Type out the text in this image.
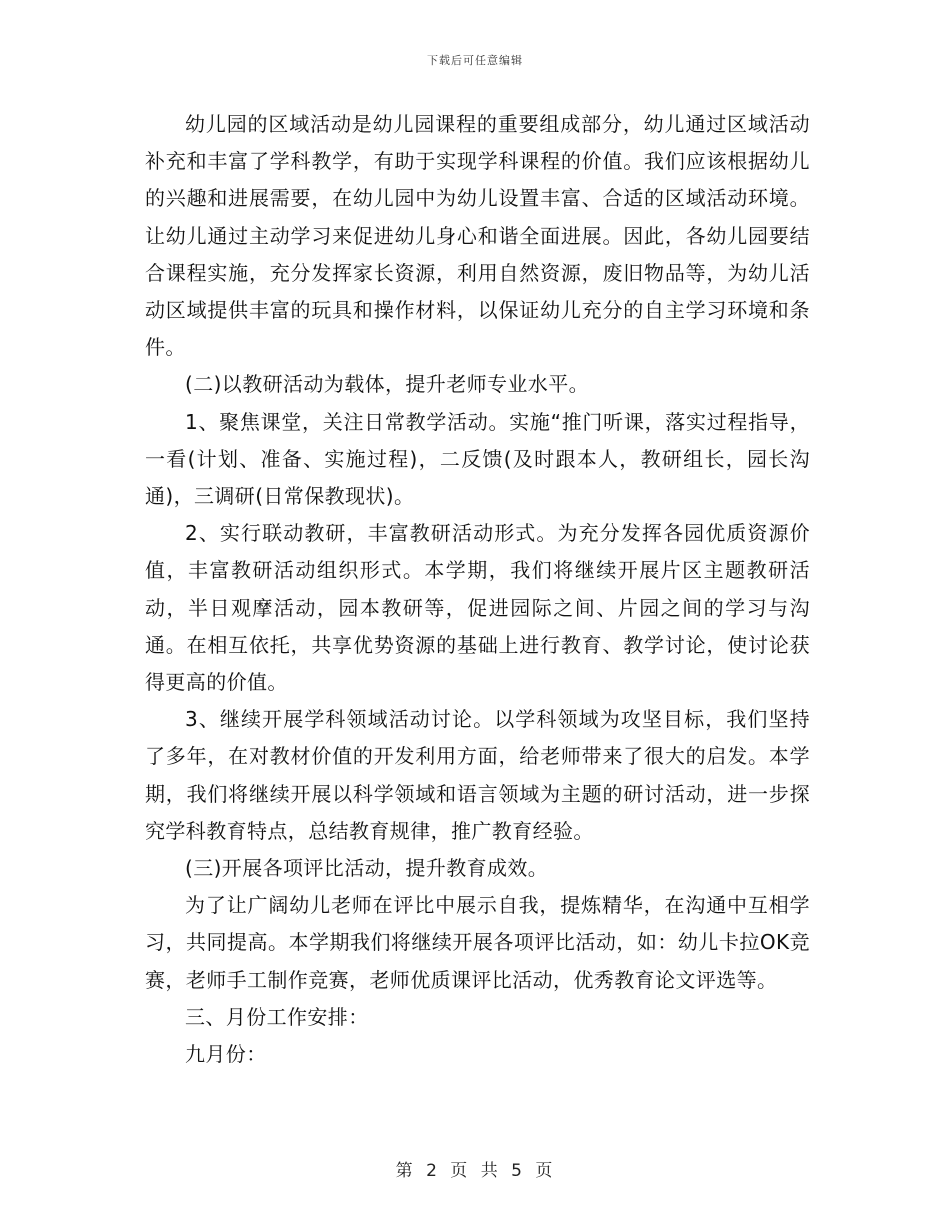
下载后可任意编辑

幼儿园的区域活动是幼儿园课程的重要组成部分，幼儿通过区域活动补充和丰富了学科教学，有助于实现学科课程的价值。我们应该根据幼儿的兴趣和进展需要，在幼儿园中为幼儿设置丰富、合适的区域活动环境。让幼儿通过主动学习来促进幼儿身心和谐全面进展。因此，各幼儿园要结合课程实施，充分发挥家长资源，利用自然资源，废旧物品等，为幼儿活动区域提供丰富的玩具和操作材料，以保证幼儿充分的自主学习环境和条件。

(二)以教研活动为载体，提升老师专业水平。

1、聚焦课堂，关注日常教学活动。实施“推门听课，落实过程指导，一看(计划、准备、实施过程)，二反馈(及时跟本人，教研组长，园长沟通)，三调研(日常保教现状)。

2、实行联动教研，丰富教研活动形式。为充分发挥各园优质资源价值，丰富教研活动组织形式。本学期，我们将继续开展片区主题教研活动，半日观摩活动，园本教研等，促进园际之间、片园之间的学习与沟通。在相互依托，共享优势资源的基础上进行教育、教学讨论，使讨论获得更高的价值。

3、继续开展学科领域活动讨论。以学科领域为攻坚目标，我们坚持了多年，在对教材价值的开发利用方面，给老师带来了很大的启发。本学期，我们将继续开展以科学领域和语言领域为主题的研讨活动，进一步探究学科教育特点，总结教育规律，推广教育经验。

(三)开展各项评比活动，提升教育成效。

为了让广阔幼儿老师在评比中展示自我，提炼精华，在沟通中互相学习，共同提高。本学期我们将继续开展各项评比活动，如：幼儿卡拉OK竞赛，老师手工制作竞赛，老师优质课评比活动，优秀教育论文评选等。

三、月份工作安排：

九月份：

第 2 页 共 5 页
